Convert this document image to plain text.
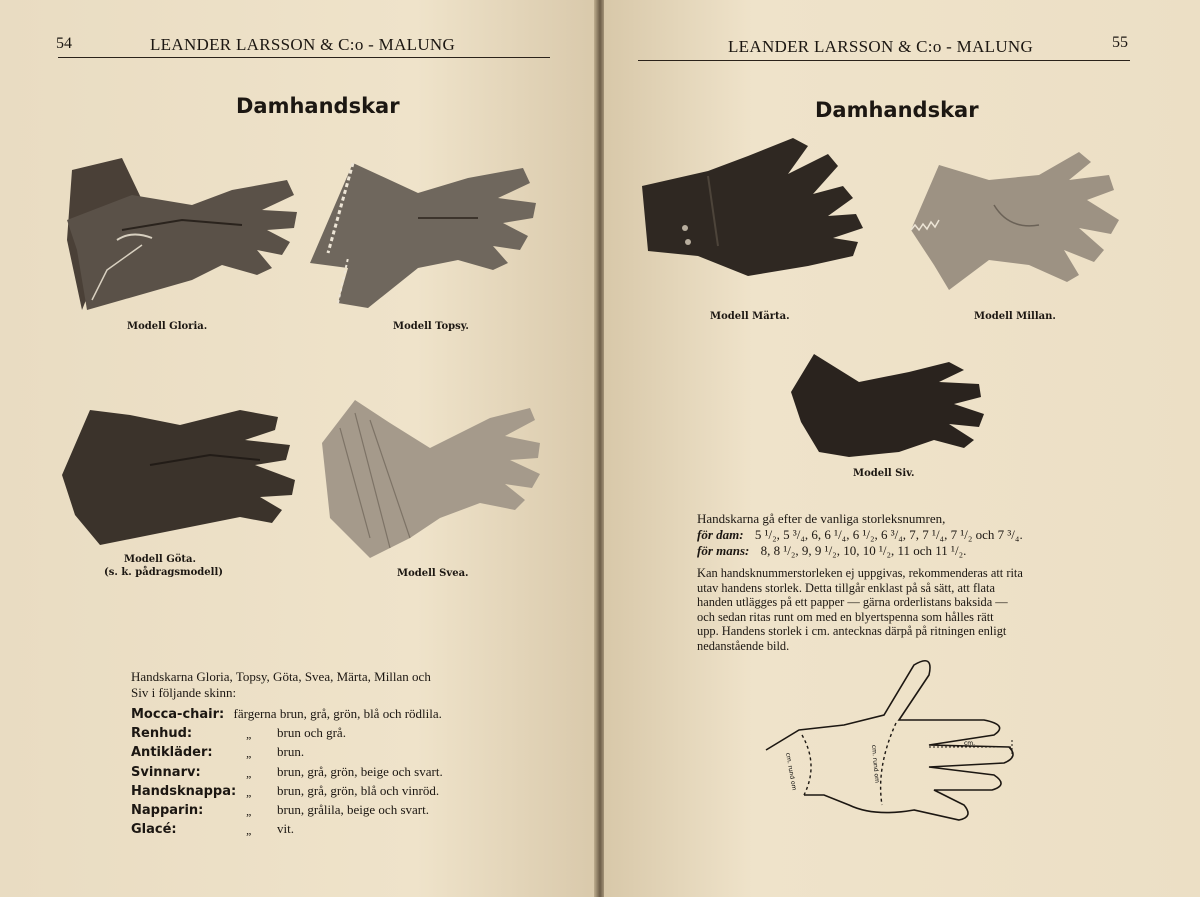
54	LEANDER LARSSON & C:o - MALUNG
Damhandskar
Modell Gloria.	Modell Topsy.
Modell Göta.
(s. k. pådragsmodell)	Modell Svea.
Handskarna Gloria, Topsy, Göta, Svea, Märta, Millan och
Siv i följande skinn:
Mocca-chair: färgerna brun, grå, grön, blå och rödlila.
Renhud:	„ brun och grå.
Antikläder:	„ brun.
Svinnarv:	„ brun, grå, grön, beige och svart.
Handsknappa: „ brun, grå, grön, blå och vinröd.
Napparin:	„ brun, grålila, beige och svart.
Glacé:	„ vit.
LEANDER LARSSON & C:o - MALUNG	55
Damhandskar
Modell Märta.	Modell Millan.
Modell Siv.
Handskarna gå efter de vanliga storleksnumren,
för dam: 5 ¹/₂, 5 ³/₄, 6, 6 ¹/₄, 6 ¹/₂, 6 ³/₄, 7, 7 ¹/₄, 7 ¹/₂ och 7 ³/₄.
för mans: 8, 8 ¹/₂, 9, 9 ¹/₂, 10, 10 ¹/₂, 11 och 11 ¹/₂.
Kan handsknummerstorleken ej uppgivas, rekommenderas att rita
utav handens storlek. Detta tillgår enklast på så sätt, att flata
handen utlägges på ett papper — gärna orderlistans baksida —
och sedan ritas runt om med en blyertspenna som hålles rätt
upp. Handens storlek i cm. antecknas därpå på ritningen enligt
nedanstående bild.
cm. rund om	cm. rund om
cm.
